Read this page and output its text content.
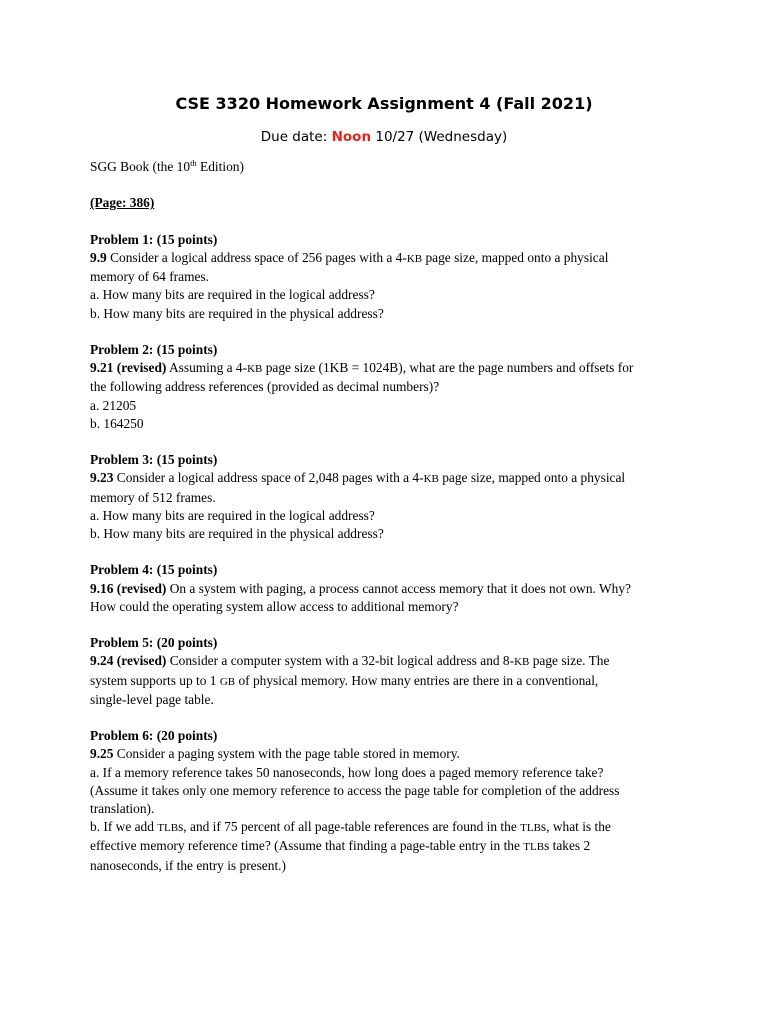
CSE 3320 Homework Assignment 4 (Fall 2021)
Due date: Noon 10/27 (Wednesday)

SGG Book (the 10th Edition)

(Page: 386)

Problem 1: (15 points)

9.9 Consider a logical address space of 256 pages with a 4-KB page size, mapped onto a physical

memory of 64 frames.

a. How many bits are required in the logical address?

b. How many bits are required in the physical address?

Problem 2: (15 points)

9.21 (revised) Assuming a 4-KB page size (1KB = 1024B), what are the page numbers and offsets for

the following address references (provided as decimal numbers)?

a. 21205

b. 164250

Problem 3: (15 points)

9.23 Consider a logical address space of 2,048 pages with a 4-KB page size, mapped onto a physical

memory of 512 frames.

a. How many bits are required in the logical address?

b. How many bits are required in the physical address?

Problem 4: (15 points)

9.16 (revised) On a system with paging, a process cannot access memory that it does not own. Why?

How could the operating system allow access to additional memory?

Problem 5: (20 points)

9.24 (revised) Consider a computer system with a 32-bit logical address and 8-KB page size. The

system supports up to 1 GB of physical memory. How many entries are there in a conventional,

single-level page table.

Problem 6: (20 points)

9.25 Consider a paging system with the page table stored in memory.

a. If a memory reference takes 50 nanoseconds, how long does a paged memory reference take?

(Assume it takes only one memory reference to access the page table for completion of the address

translation).

b. If we add TLBs, and if 75 percent of all page-table references are found in the TLBs, what is the

effective memory reference time? (Assume that finding a page-table entry in the TLBs takes 2

nanoseconds, if the entry is present.)
